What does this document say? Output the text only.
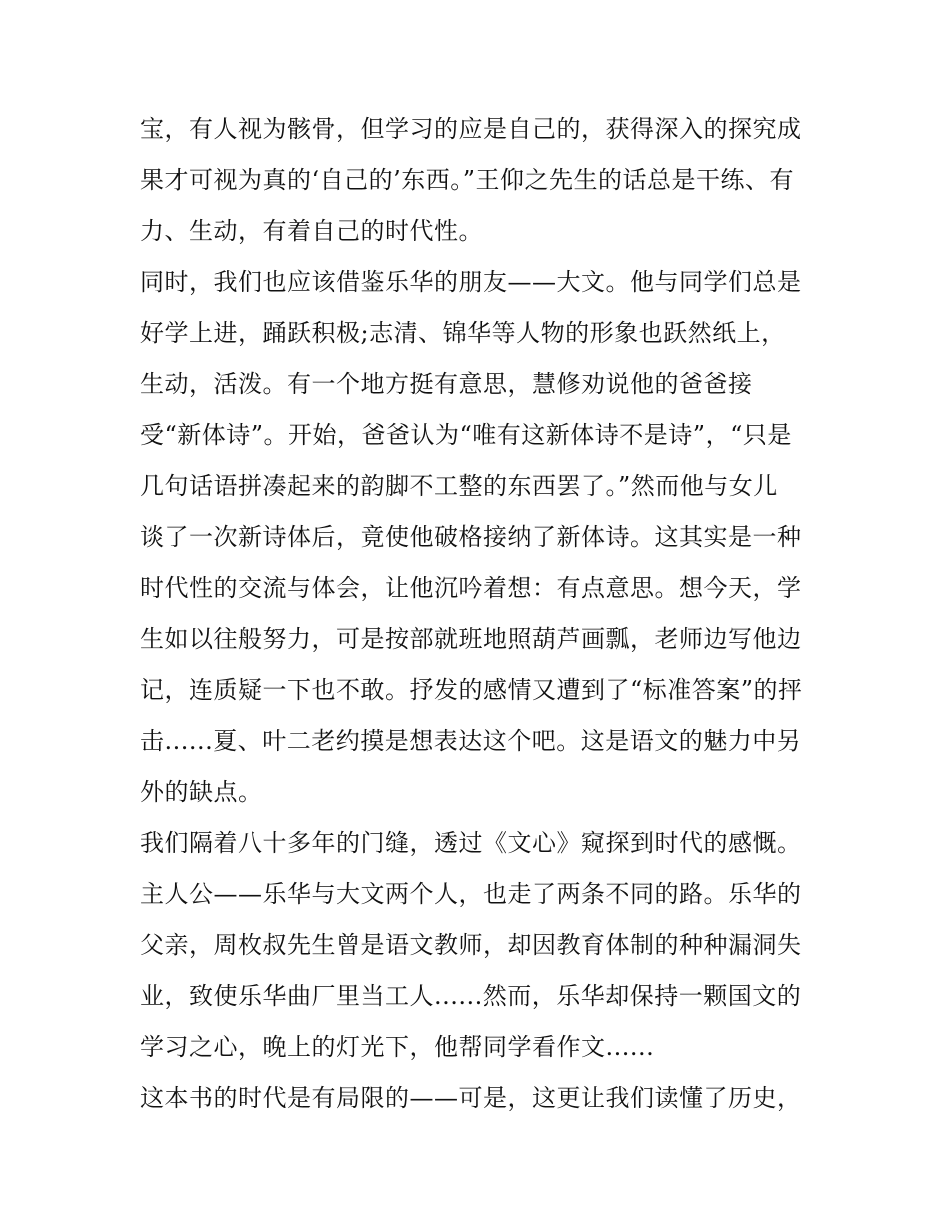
宝，有人视为骸骨，但学习的应是自己的，获得深入的探究成
果才可视为真的‘自己的’东西。”王仰之先生的话总是干练、有
力、生动，有着自己的时代性。
同时，我们也应该借鉴乐华的朋友——大文。他与同学们总是
好学上进，踊跃积极;志清、锦华等人物的形象也跃然纸上，
生动，活泼。有一个地方挺有意思，慧修劝说他的爸爸接
受“新体诗”。开始，爸爸认为“唯有这新体诗不是诗”，“只是
几句话语拼凑起来的韵脚不工整的东西罢了。”然而他与女儿
谈了一次新诗体后，竟使他破格接纳了新体诗。这其实是一种
时代性的交流与体会，让他沉吟着想：有点意思。想今天，学
生如以往般努力，可是按部就班地照葫芦画瓢，老师边写他边
记，连质疑一下也不敢。抒发的感情又遭到了“标准答案”的抨
击......夏、叶二老约摸是想表达这个吧。这是语文的魅力中另
外的缺点。
我们隔着八十多年的门缝，透过《文心》窥探到时代的感慨。
主人公——乐华与大文两个人，也走了两条不同的路。乐华的
父亲，周枚叔先生曾是语文教师，却因教育体制的种种漏洞失
业，致使乐华曲厂里当工人......然而，乐华却保持一颗国文的
学习之心，晚上的灯光下，他帮同学看作文......
这本书的时代是有局限的——可是，这更让我们读懂了历史，
